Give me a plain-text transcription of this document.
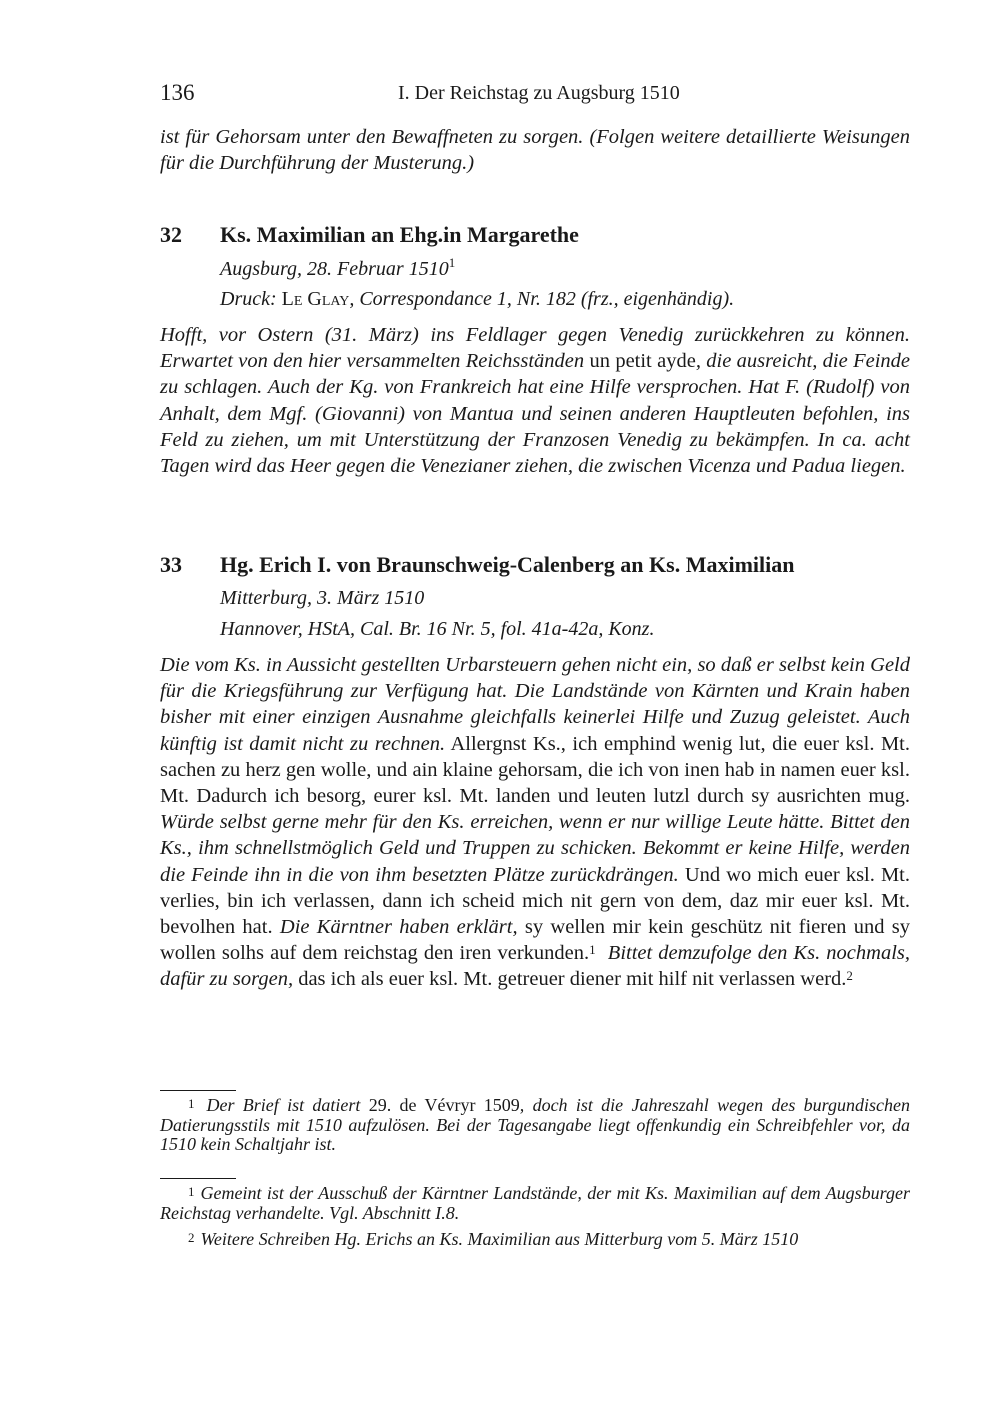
136	I. Der Reichstag zu Augsburg 1510
ist für Gehorsam unter den Bewaffneten zu sorgen. (Folgen weitere detaillierte Weisungen für die Durchführung der Musterung.)
32 Ks. Maximilian an Ehg.in Margarethe
Augsburg, 28. Februar 1510$^1$
Druck: Le Glay, Correspondance 1, Nr. 182 (frz., eigenhändig).
Hofft, vor Ostern (31. März) ins Feldlager gegen Venedig zurückkehren zu können. Erwartet von den hier versammelten Reichsständen un petit ayde, die ausreicht, die Feinde zu schlagen. Auch der Kg. von Frankreich hat eine Hilfe versprochen. Hat F. (Rudolf) von Anhalt, dem Mgf. (Giovanni) von Mantua und seinen anderen Hauptleuten befohlen, ins Feld zu ziehen, um mit Unterstützung der Franzosen Venedig zu bekämpfen. In ca. acht Tagen wird das Heer gegen die Venezianer ziehen, die zwischen Vicenza und Padua liegen.
33 Hg. Erich I. von Braunschweig-Calenberg an Ks. Maximilian
Mitterburg, 3. März 1510
Hannover, HStA, Cal. Br. 16 Nr. 5, fol. 41a-42a, Konz.
Die vom Ks. in Aussicht gestellten Urbarsteuern gehen nicht ein, so daß er selbst kein Geld für die Kriegsführung zur Verfügung hat. Die Landstände von Kärnten und Krain haben bisher mit einer einzigen Ausnahme gleichfalls keinerlei Hilfe und Zuzug geleistet. Auch künftig ist damit nicht zu rechnen. Allergnst Ks., ich emphind wenig lut, die euer ksl. Mt. sachen zu herz gen wolle, und ain klaine gehorsam, die ich von inen hab in namen euer ksl. Mt. Dadurch ich besorg, eurer ksl. Mt. landen und leuten lutzl durch sy ausrichten mug. Würde selbst gerne mehr für den Ks. erreichen, wenn er nur willige Leute hätte. Bittet den Ks., ihm schnellstmöglich Geld und Truppen zu schicken. Bekommt er keine Hilfe, werden die Feinde ihn in die von ihm besetzten Plätze zurückdrängen. Und wo mich euer ksl. Mt. verlies, bin ich verlassen, dann ich scheid mich nit gern von dem, daz mir euer ksl. Mt. bevolhen hat. Die Kärntner haben erklärt, sy wellen mir kein geschütz nit fieren und sy wollen solhs auf dem reichstag den iren verkunden.$^1$ Bittet demzufolge den Ks. nochmals, dafür zu sorgen, das ich als euer ksl. Mt. getreuer diener mit hilf nit verlassen werd.$^2$
$^1$ Der Brief ist datiert 29. de Vévryr 1509, doch ist die Jahreszahl wegen des burgundischen Datierungsstils mit 1510 aufzulösen. Bei der Tagesangabe liegt offenkundig ein Schreibfehler vor, da 1510 kein Schaltjahr ist.
$^1$ Gemeint ist der Ausschuß der Kärntner Landstände, der mit Ks. Maximilian auf dem Augsburger Reichstag verhandelte. Vgl. Abschnitt I.8.
$^2$ Weitere Schreiben Hg. Erichs an Ks. Maximilian aus Mitterburg vom 5. März 1510
